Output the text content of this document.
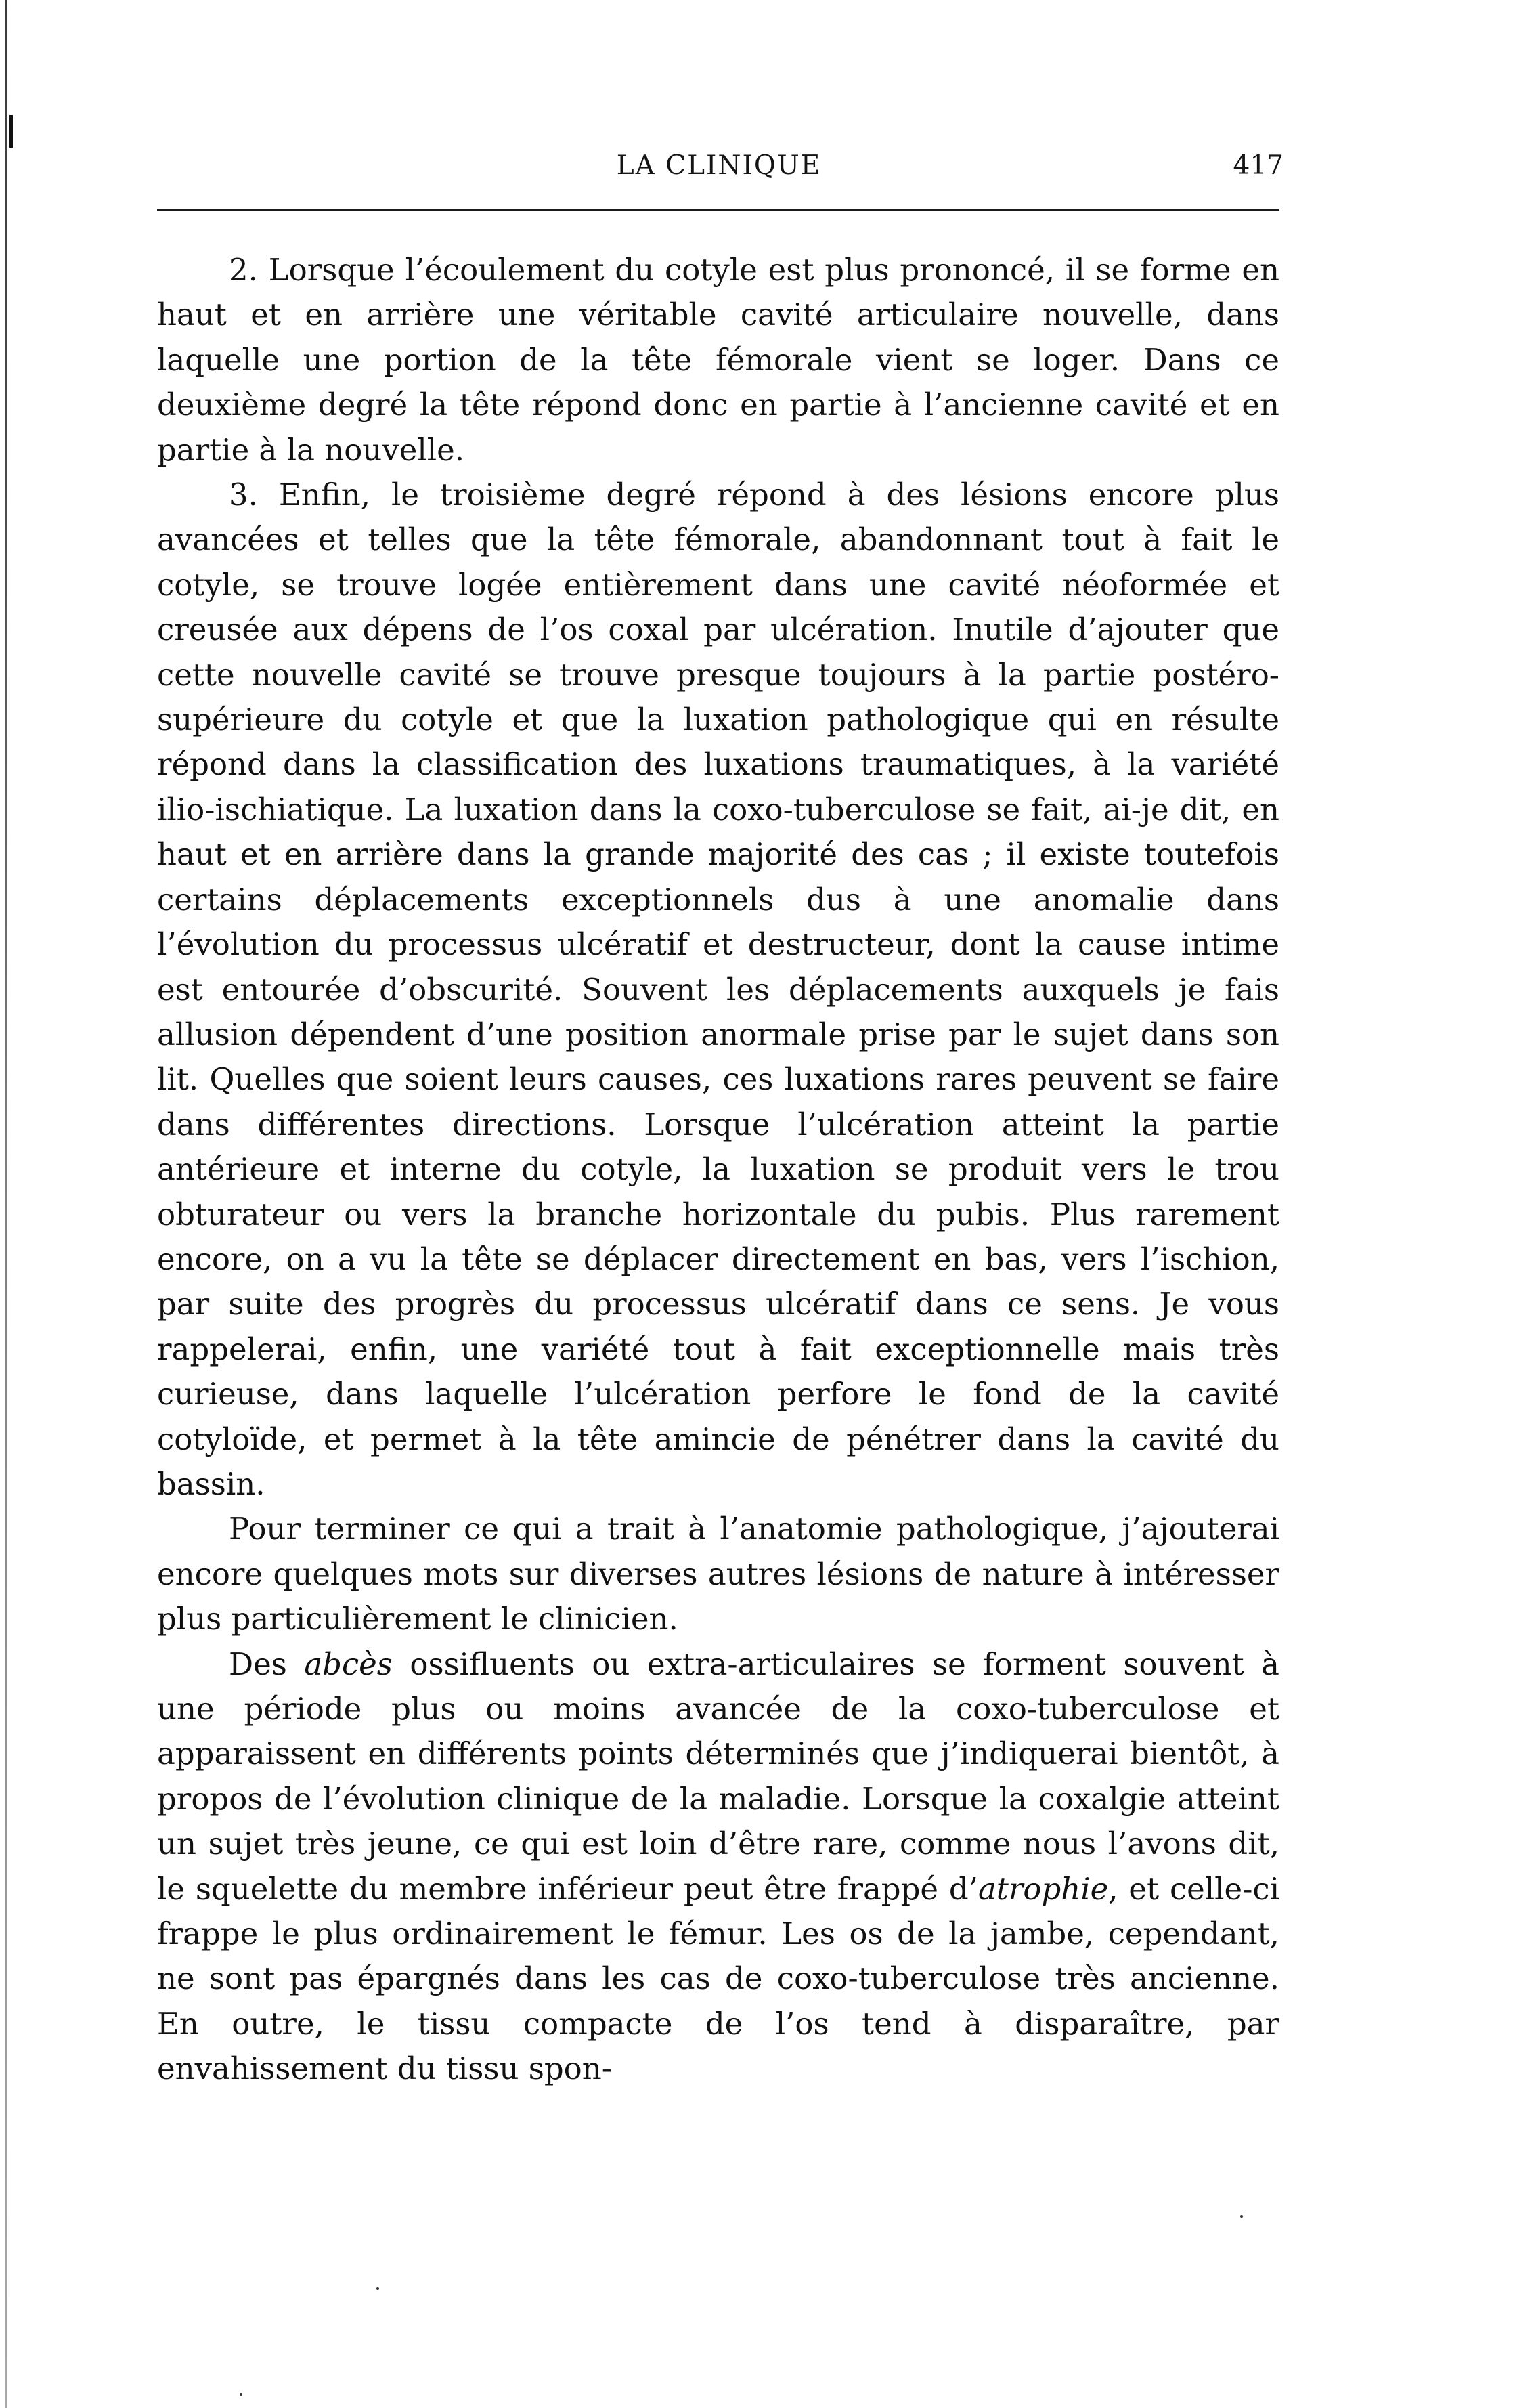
LA CLINIQUE	417

2. Lorsque l’écoulement du cotyle est plus prononcé, il se forme en haut et en arrière une véritable cavité articulaire nouvelle, dans laquelle une portion de la tête fémorale vient se loger. Dans ce deuxième degré la tête répond donc en partie à l’ancienne cavité et en partie à la nouvelle.

3. Enfin, le troisième degré répond à des lésions encore plus avancées et telles que la tête fémorale, abandonnant tout à fait le cotyle, se trouve logée entièrement dans une cavité néoformée et creusée aux dépens de l’os coxal par ulcération. Inutile d’ajouter que cette nouvelle cavité se trouve presque toujours à la partie postéro-supérieure du cotyle et que la luxation pathologique qui en résulte répond dans la classification des luxations traumatiques, à la variété ilio-ischiatique. La luxation dans la coxo-tuberculose se fait, ai-je dit, en haut et en arrière dans la grande majorité des cas ; il existe toutefois certains déplacements exceptionnels dus à une anomalie dans l’évolution du processus ulcératif et destructeur, dont la cause intime est entourée d’obscurité. Souvent les déplacements auxquels je fais allusion dépendent d’une position anormale prise par le sujet dans son lit. Quelles que soient leurs causes, ces luxations rares peuvent se faire dans différentes directions. Lorsque l’ulcération atteint la partie antérieure et interne du cotyle, la luxation se produit vers le trou obturateur ou vers la branche horizontale du pubis. Plus rarement encore, on a vu la tête se déplacer directement en bas, vers l’ischion, par suite des progrès du processus ulcératif dans ce sens. Je vous rappelerai, enfin, une variété tout à fait exceptionnelle mais très curieuse, dans laquelle l’ulcération perfore le fond de la cavité cotyloïde, et permet à la tête amincie de pénétrer dans la cavité du bassin.

Pour terminer ce qui a trait à l’anatomie pathologique, j’ajouterai encore quelques mots sur diverses autres lésions de nature à intéresser plus particulièrement le clinicien.

Des abcès ossifluents ou extra-articulaires se forment souvent à une période plus ou moins avancée de la coxo-tuberculose et apparaissent en différents points déterminés que j’indiquerai bientôt, à propos de l’évolution clinique de la maladie. Lorsque la coxalgie atteint un sujet très jeune, ce qui est loin d’être rare, comme nous l’avons dit, le squelette du membre inférieur peut être frappé d’atrophie, et celle-ci frappe le plus ordinairement le fémur. Les os de la jambe, cependant, ne sont pas épargnés dans les cas de coxo-tuberculose très ancienne. En outre, le tissu compacte de l’os tend à disparaître, par envahissement du tissu spon-
